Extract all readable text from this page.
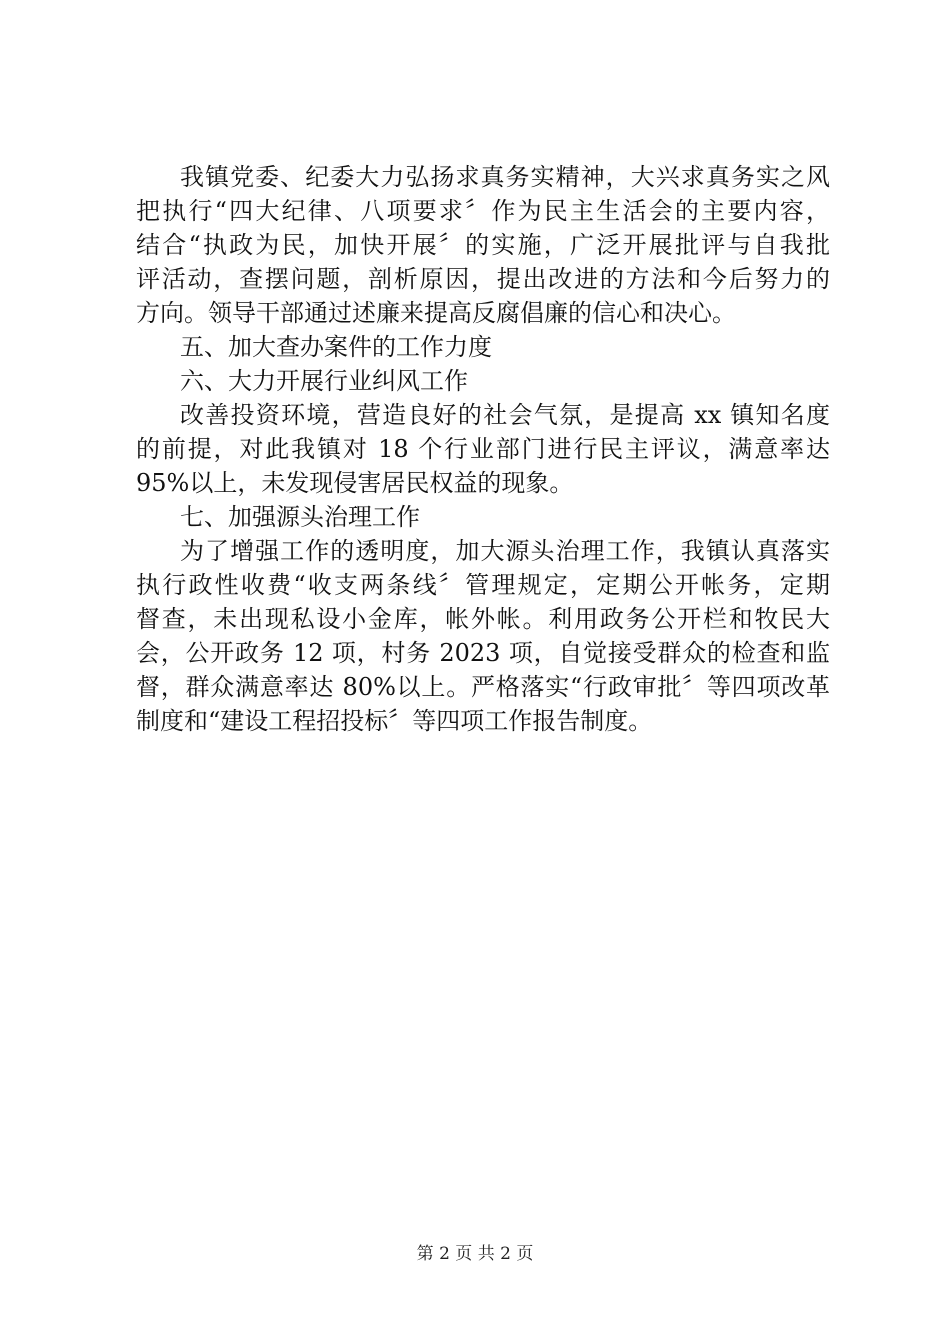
我镇党委、纪委大力弘扬求真务实精神，大兴求真务实之风
把执行“四大纪律、八项要求〞作为民主生活会的主要内容，
结合“执政为民，加快开展〞的实施，广泛开展批评与自我批
评活动，查摆问题，剖析原因，提出改进的方法和今后努力的
方向。领导干部通过述廉来提高反腐倡廉的信心和决心。
五、加大查办案件的工作力度
六、大力开展行业纠风工作
改善投资环境，营造良好的社会气氛，是提高 xx 镇知名度
的前提，对此我镇对 18 个行业部门进行民主评议，满意率达
95%以上，未发现侵害居民权益的现象。
七、加强源头治理工作
为了增强工作的透明度，加大源头治理工作，我镇认真落实
执行政性收费“收支两条线〞管理规定，定期公开帐务，定期
督查，未出现私设小金库，帐外帐。利用政务公开栏和牧民大
会，公开政务 12 项，村务 2023 项，自觉接受群众的检查和监
督，群众满意率达 80%以上。严格落实“行政审批〞等四项改革
制度和“建设工程招投标〞等四项工作报告制度。
第 2 页 共 2 页
